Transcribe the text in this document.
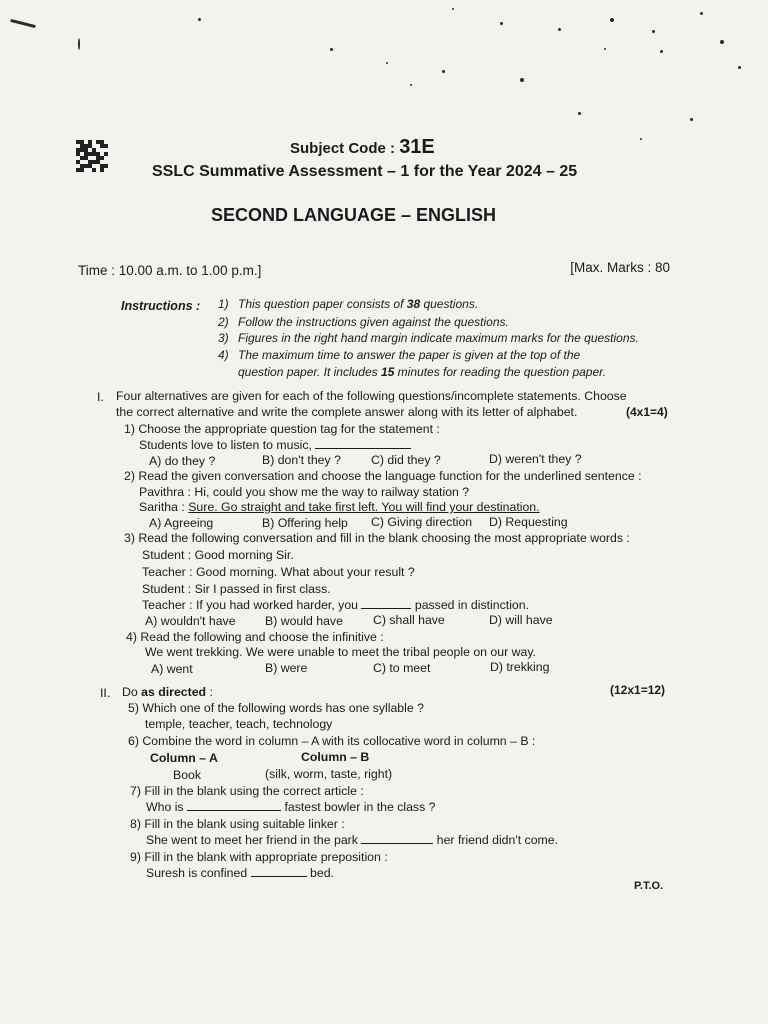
Subject Code : 31E
SSLC Summative Assessment – 1 for the Year 2024 – 25
SECOND LANGUAGE – ENGLISH
Time : 10.00 a.m. to 1.00 p.m.]	[Max. Marks : 80
Instructions : 1) This question paper consists of 38 questions.
2) Follow the instructions given against the questions.
3) Figures in the right hand margin indicate maximum marks for the questions.
4) The maximum time to answer the paper is given at the top of the
question paper. It includes 15 minutes for reading the question paper.
I. Four alternatives are given for each of the following questions/incomplete statements. Choose
the correct alternative and write the complete answer along with its letter of alphabet.	(4x1=4)
1) Choose the appropriate question tag for the statement :
Students love to listen to music,
A) do they ?	B) don't they ? C) did they ?	D) weren't they ?
2) Read the given conversation and choose the language function for the underlined sentence :
Pavithra : Hi, could you show me the way to railway station ?
Saritha : Sure. Go straight and take first left. You will find your destination.
A) Agreeing	B) Offering help C) Giving direction D) Requesting
3) Read the following conversation and fill in the blank choosing the most appropriate words :
Student : Good morning Sir.
Teacher : Good morning. What about your result ?
Student : Sir I passed in first class.
Teacher : If you had worked harder, you	passed in distinction.
A) wouldn't have B) would have C) shall have	D) will have
4) Read the following and choose the infinitive :
We went trekking. We were unable to meet the tribal people on our way.
A) went	B) were	C) to meet	D) trekking
II. Do as directed :	(12x1=12)
5) Which one of the following words has one syllable ?
temple, teacher, teach, technology
6) Combine the word in column – A with its collocative word in column – B :
Column – A	Column – B
Book	(silk, worm, taste, right)
7) Fill in the blank using the correct article :
Who is	fastest bowler in the class ?
8) Fill in the blank using suitable linker :
She went to meet her friend in the park	her friend didn't come.
9) Fill in the blank with appropriate preposition :
Suresh is confined	bed.
P.T.O.
